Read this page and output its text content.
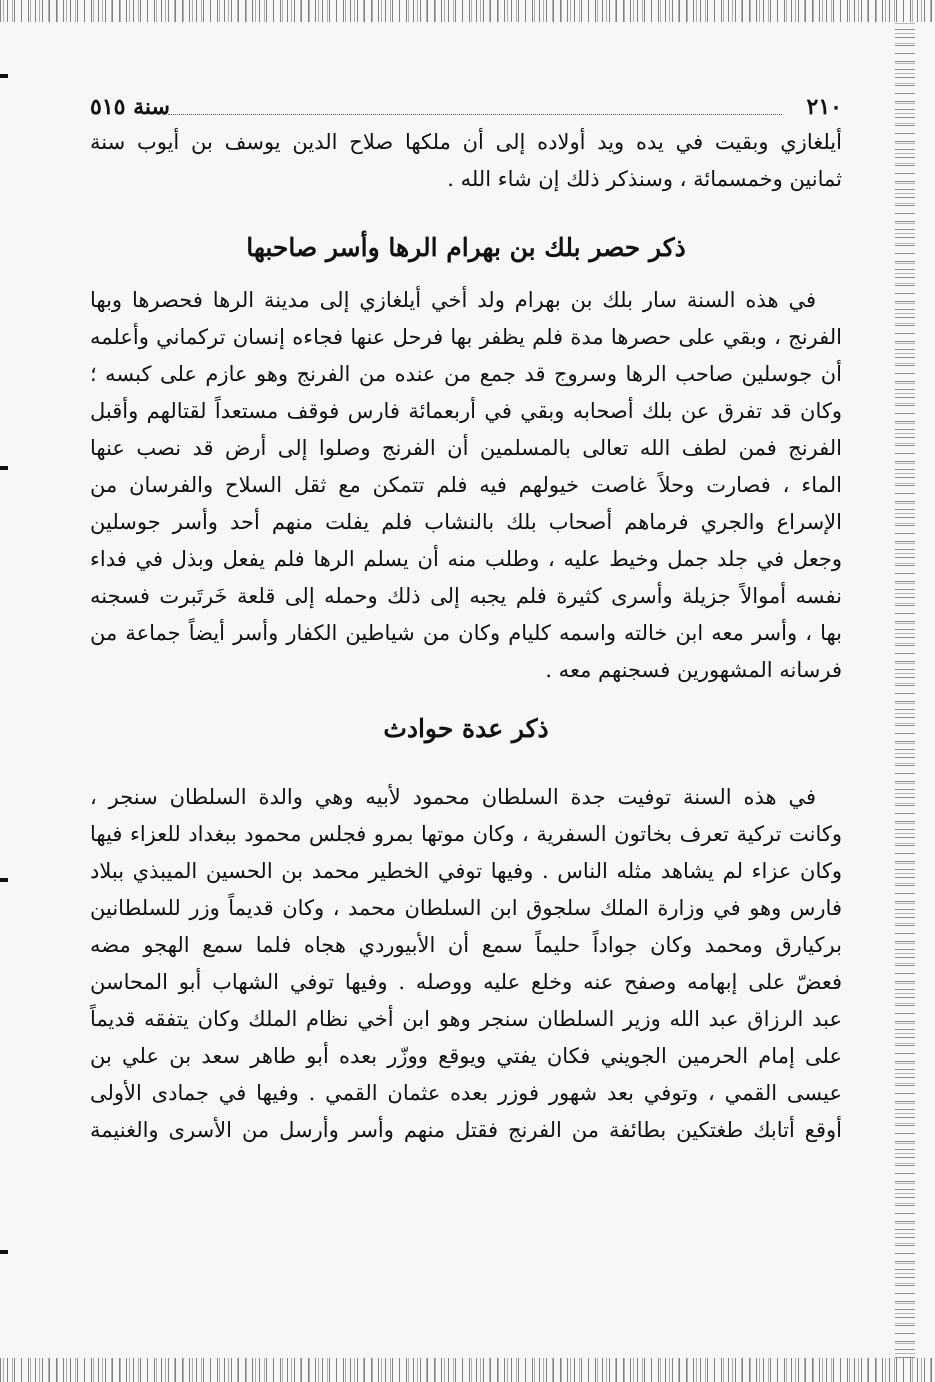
٢١٠
سنة ٥١٥
أيلغازي وبقيت في يده ويد أولاده إلى أن ملكها صلاح الدين يوسف بن أيوب سنة
ثمانين وخمسمائة ، وسنذكر ذلك إن شاء الله .
ذكر حصر بلك بن بهرام الرها وأسر صاحبها
في هذه السنة سار بلك بن بهرام ولد أخي أيلغازي إلى مدينة الرها فحصرها وبها
الفرنج ، وبقي على حصرها مدة فلم يظفر بها فرحل عنها فجاءه إنسان تركماني وأعلمه
أن جوسلين صاحب الرها وسروج قد جمع من عنده من الفرنج وهو عازم على كبسه ؛
وكان قد تفرق عن بلك أصحابه وبقي في أربعمائة فارس فوقف مستعداً لقتالهم وأقبل
الفرنج فمن لطف الله تعالى بالمسلمين أن الفرنج وصلوا إلى أرض قد نصب عنها
الماء ، فصارت وحلاً غاصت خيولهم فيه فلم تتمكن مع ثقل السلاح والفرسان من
الإسراع والجري فرماهم أصحاب بلك بالنشاب فلم يفلت منهم أحد وأسر جوسلين
وجعل في جلد جمل وخيط عليه ، وطلب منه أن يسلم الرها فلم يفعل وبذل في فداء
نفسه أموالاً جزيلة وأسرى كثيرة فلم يجبه إلى ذلك وحمله إلى قلعة خَرتَبرت فسجنه
بها ، وأسر معه ابن خالته واسمه كليام وكان من شياطين الكفار وأسر أيضاً جماعة من
فرسانه المشهورين فسجنهم معه .
ذكر عدة حوادث
في هذه السنة توفيت جدة السلطان محمود لأبيه وهي والدة السلطان سنجر ،
وكانت تركية تعرف بخاتون السفرية ، وكان موتها بمرو فجلس محمود ببغداد للعزاء فيها
وكان عزاء لم يشاهد مثله الناس . وفيها توفي الخطير محمد بن الحسين الميبذي ببلاد
فارس وهو في وزارة الملك سلجوق ابن السلطان محمد ، وكان قديماً وزر للسلطانين
بركيارق ومحمد وكان جواداً حليماً سمع أن الأبيوردي هجاه فلما سمع الهجو مضه
فعضّ على إبهامه وصفح عنه وخلع عليه ووصله . وفيها توفي الشهاب أبو المحاسن
عبد الرزاق عبد الله وزير السلطان سنجر وهو ابن أخي نظام الملك وكان يتفقه قديماً
على إمام الحرمين الجويني فكان يفتي ويوقع ووزّر بعده أبو طاهر سعد بن علي بن
عيسى القمي ، وتوفي بعد شهور فوزر بعده عثمان القمي . وفيها في جمادى الأولى
أوقع أتابك طغتكين بطائفة من الفرنج فقتل منهم وأسر وأرسل من الأسرى والغنيمة
